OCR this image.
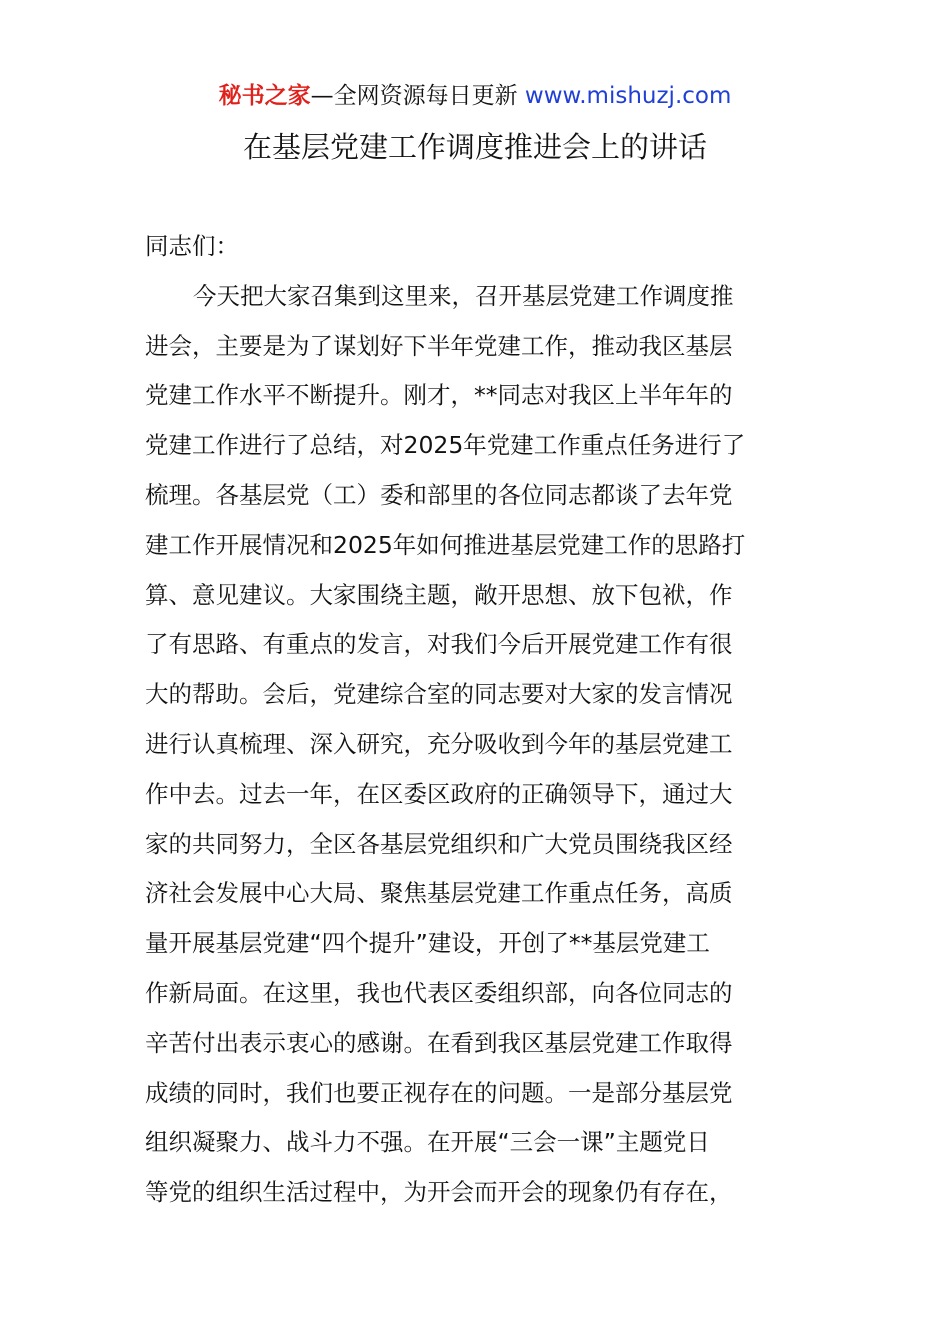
秘书之家—全网资源每日更新 www.mishuzj.com
在基层党建工作调度推进会上的讲话
同志们：
今天把大家召集到这里来，召开基层党建工作调度推
进会，主要是为了谋划好下半年党建工作，推动我区基层
党建工作水平不断提升。刚才，**同志对我区上半年年的
党建工作进行了总结，对2025年党建工作重点任务进行了
梳理。各基层党（工）委和部里的各位同志都谈了去年党
建工作开展情况和2025年如何推进基层党建工作的思路打
算、意见建议。大家围绕主题，敞开思想、放下包袱，作
了有思路、有重点的发言，对我们今后开展党建工作有很
大的帮助。会后，党建综合室的同志要对大家的发言情况
进行认真梳理、深入研究，充分吸收到今年的基层党建工
作中去。过去一年，在区委区政府的正确领导下，通过大
家的共同努力，全区各基层党组织和广大党员围绕我区经
济社会发展中心大局、聚焦基层党建工作重点任务，高质
量开展基层党建“四个提升”建设，开创了**基层党建工
作新局面。在这里，我也代表区委组织部，向各位同志的
辛苦付出表示衷心的感谢。在看到我区基层党建工作取得
成绩的同时，我们也要正视存在的问题。一是部分基层党
组织凝聚力、战斗力不强。在开展“三会一课”主题党日
等党的组织生活过程中，为开会而开会的现象仍有存在，
